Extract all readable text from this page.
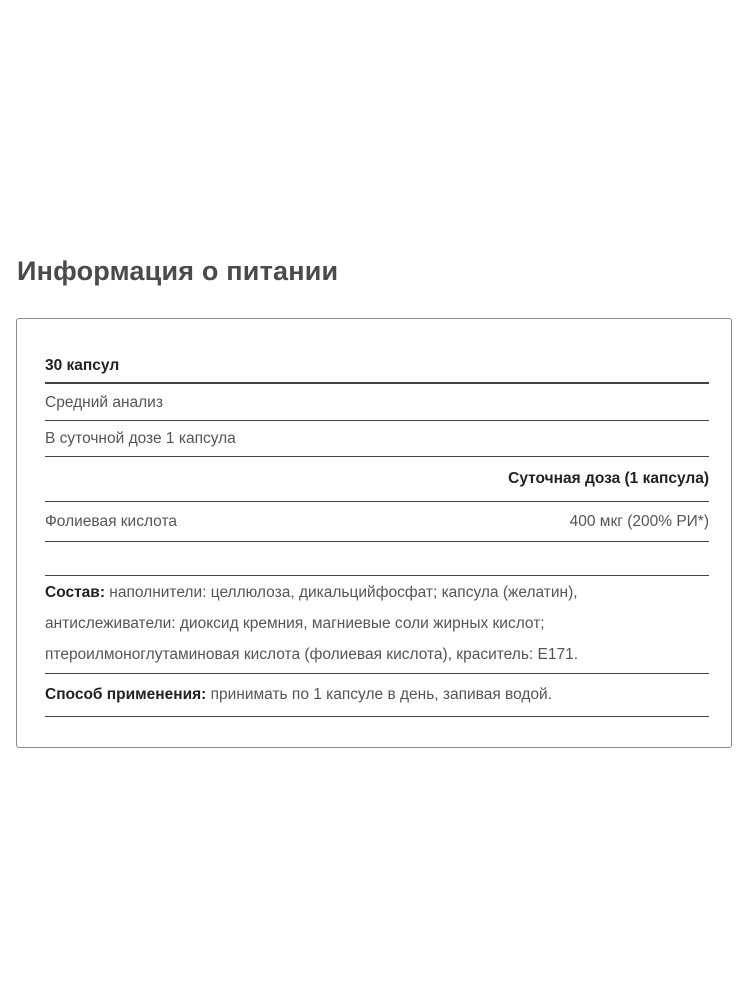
Информация о питании
30 капсул
Средний анализ
В суточной дозе 1 капсула
Суточная доза (1 капсула)
Фолиевая кислота	400 мкг (200% РИ*)
Состав: наполнители: целлюлоза, дикальцийфосфат; капсула (желатин), антислеживатели: диоксид кремния, магниевые соли жирных кислот; птероилмоноглутаминовая кислота (фолиевая кислота), краситель: Е171.
Способ применения: принимать по 1 капсуле в день, запивая водой.
